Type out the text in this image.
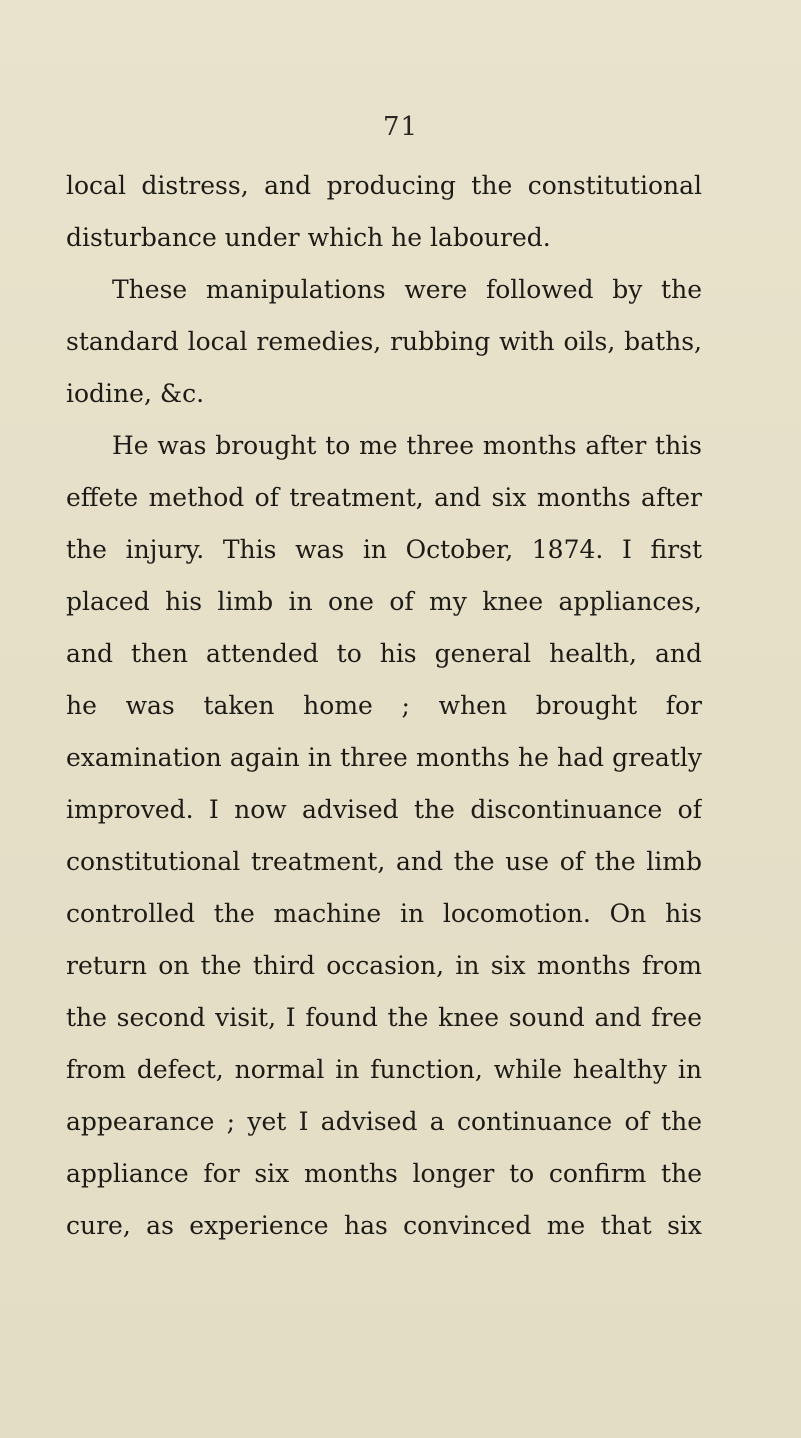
71
local distress, and producing the constitutional
disturbance under which he laboured.
These manipulations were followed by the
standard local remedies, rubbing with oils, baths,
iodine, &c.
He was brought to me three months after this
effete method of treatment, and six months after
the injury. This was in October, 1874. I first
placed his limb in one of my knee appliances,
and then attended to his general health, and
he was taken home ; when brought for
examination again in three months he had greatly
improved. I now advised the discontinuance of
constitutional treatment, and the use of the limb
controlled the machine in locomotion. On his
return on the third occasion, in six months from
the second visit, I found the knee sound and free
from defect, normal in function, while healthy in
appearance ; yet I advised a continuance of the
appliance for six months longer to confirm the
cure, as experience has convinced me that six
